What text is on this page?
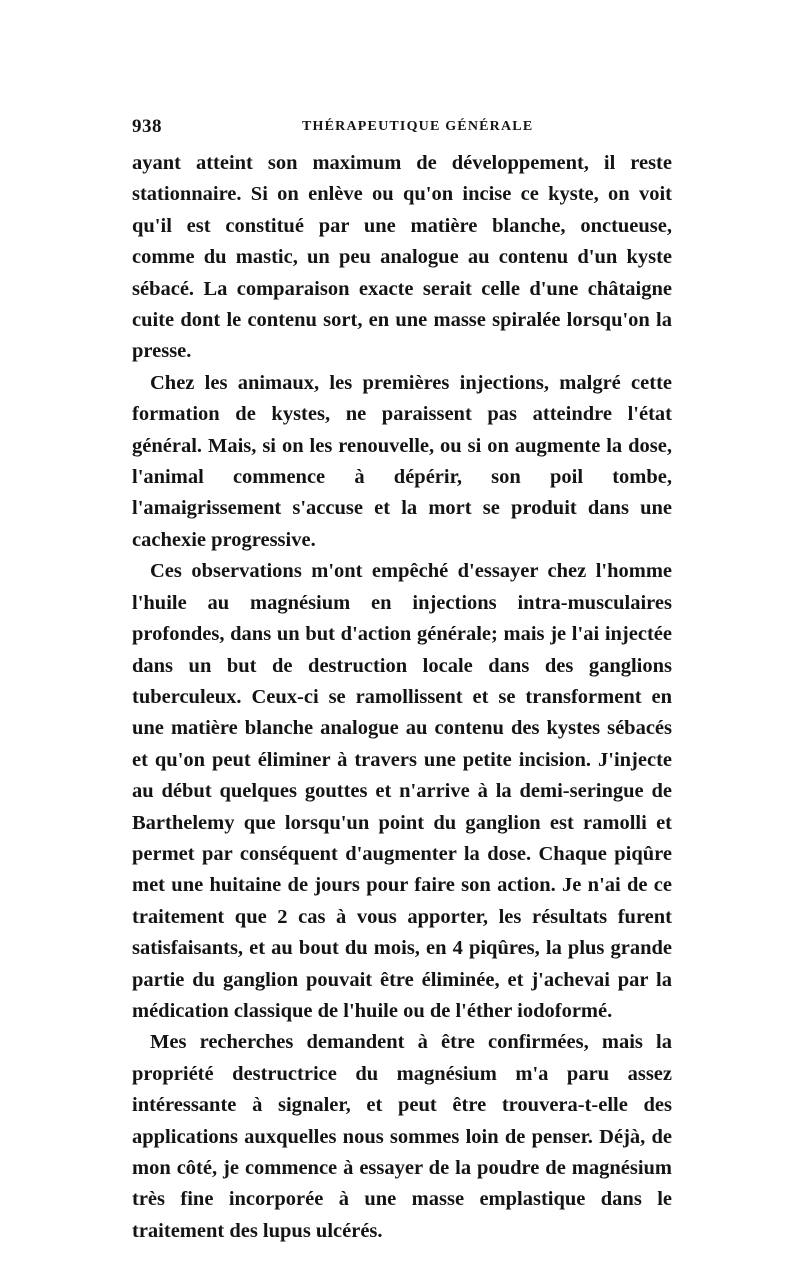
938	THÉRAPEUTIQUE GÉNÉRALE

ayant atteint son maximum de développement, il reste stationnaire. Si on enlève ou qu'on incise ce kyste, on voit qu'il est constitué par une matière blanche, onctueuse, comme du mastic, un peu analogue au contenu d'un kyste sébacé. La comparaison exacte serait celle d'une châtaigne cuite dont le contenu sort, en une masse spiralée lorsqu'on la presse.

Chez les animaux, les premières injections, malgré cette formation de kystes, ne paraissent pas atteindre l'état général. Mais, si on les renouvelle, ou si on augmente la dose, l'animal commence à dépérir, son poil tombe, l'amaigrissement s'accuse et la mort se produit dans une cachexie progressive.

Ces observations m'ont empêché d'essayer chez l'homme l'huile au magnésium en injections intra-musculaires profondes, dans un but d'action générale; mais je l'ai injectée dans un but de destruction locale dans des ganglions tuberculeux. Ceux-ci se ramollissent et se transforment en une matière blanche analogue au contenu des kystes sébacés et qu'on peut éliminer à travers une petite incision. J'injecte au début quelques gouttes et n'arrive à la demi-seringue de Barthelemy que lorsqu'un point du ganglion est ramolli et permet par conséquent d'augmenter la dose. Chaque piqûre met une huitaine de jours pour faire son action. Je n'ai de ce traitement que 2 cas à vous apporter, les résultats furent satisfaisants, et au bout du mois, en 4 piqûres, la plus grande partie du ganglion pouvait être éliminée, et j'achevai par la médication classique de l'huile ou de l'éther iodoformé.

Mes recherches demandent à être confirmées, mais la propriété destructrice du magnésium m'a paru assez intéressante à signaler, et peut être trouvera-t-elle des applications auxquelles nous sommes loin de penser. Déjà, de mon côté, je commence à essayer de la poudre de magnésium très fine incorporée à une masse emplastique dans le traitement des lupus ulcérés.
